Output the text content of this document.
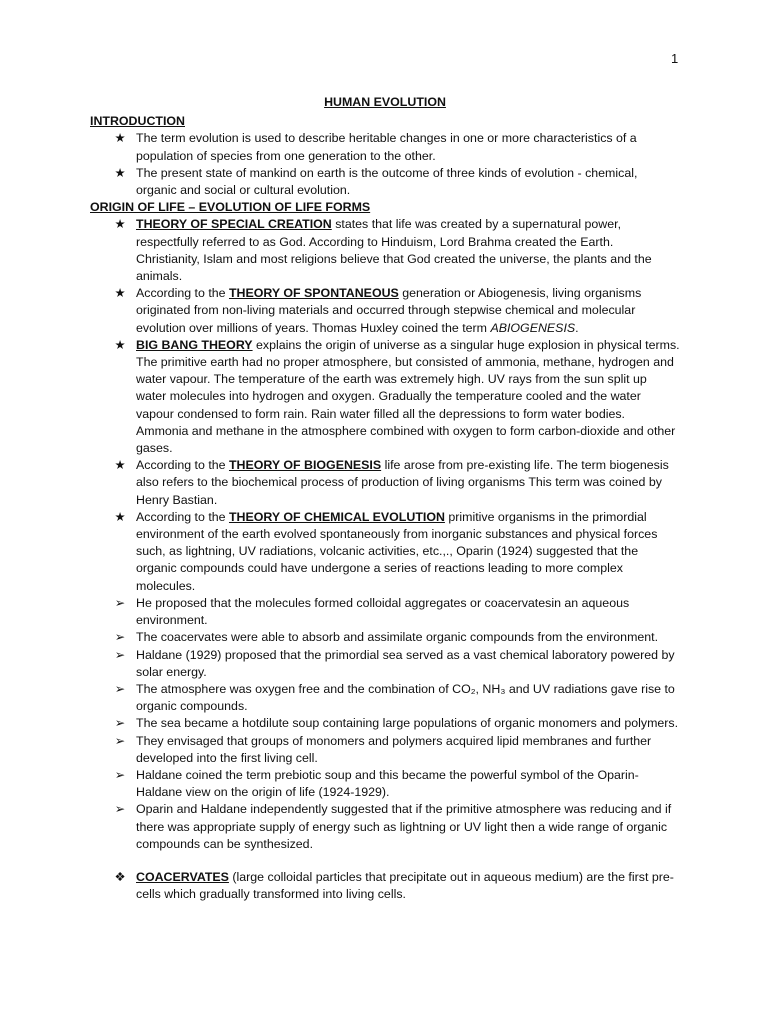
1
HUMAN EVOLUTION
INTRODUCTION
★ The term evolution is used to describe heritable changes in one or more characteristics of a population of species from one generation to the other.
★ The present state of mankind on earth is the outcome of three kinds of evolution - chemical, organic and social or cultural evolution.
ORIGIN OF LIFE – EVOLUTION OF LIFE FORMS
★ THEORY OF SPECIAL CREATION states that life was created by a supernatural power, respectfully referred to as God. According to Hinduism, Lord Brahma created the Earth. Christianity, Islam and most religions believe that God created the universe, the plants and the animals.
★ According to the THEORY OF SPONTANEOUS generation or Abiogenesis, living organisms originated from non-living materials and occurred through stepwise chemical and molecular evolution over millions of years. Thomas Huxley coined the term ABIOGENESIS.
★ BIG BANG THEORY explains the origin of universe as a singular huge explosion in physical terms. The primitive earth had no proper atmosphere, but consisted of ammonia, methane, hydrogen and water vapour. The temperature of the earth was extremely high. UV rays from the sun split up water molecules into hydrogen and oxygen. Gradually the temperature cooled and the water vapour condensed to form rain. Rain water filled all the depressions to form water bodies. Ammonia and methane in the atmosphere combined with oxygen to form carbon-dioxide and other gases.
★ According to the THEORY OF BIOGENESIS life arose from pre-existing life. The term biogenesis also refers to the biochemical process of production of living organisms This term was coined by Henry Bastian.
★ According to the THEORY OF CHEMICAL EVOLUTION primitive organisms in the primordial environment of the earth evolved spontaneously from inorganic substances and physical forces such, as lightning, UV radiations, volcanic activities, etc.,., Oparin (1924) suggested that the organic compounds could have undergone a series of reactions leading to more complex molecules.
➢ He proposed that the molecules formed colloidal aggregates or coacervatesin an aqueous environment.
➢ The coacervates were able to absorb and assimilate organic compounds from the environment.
➢ Haldane (1929) proposed that the primordial sea served as a vast chemical laboratory powered by solar energy.
➢ The atmosphere was oxygen free and the combination of CO₂, NH₃ and UV radiations gave rise to organic compounds.
➢ The sea became a hotdilute soup containing large populations of organic monomers and polymers.
➢ They envisaged that groups of monomers and polymers acquired lipid membranes and further developed into the first living cell.
➢ Haldane coined the term prebiotic soup and this became the powerful symbol of the Oparin-Haldane view on the origin of life (1924-1929).
➢ Oparin and Haldane independently suggested that if the primitive atmosphere was reducing and if there was appropriate supply of energy such as lightning or UV light then a wide range of organic compounds can be synthesized.
❖ COACERVATES (large colloidal particles that precipitate out in aqueous medium) are the first pre-cells which gradually transformed into living cells.
